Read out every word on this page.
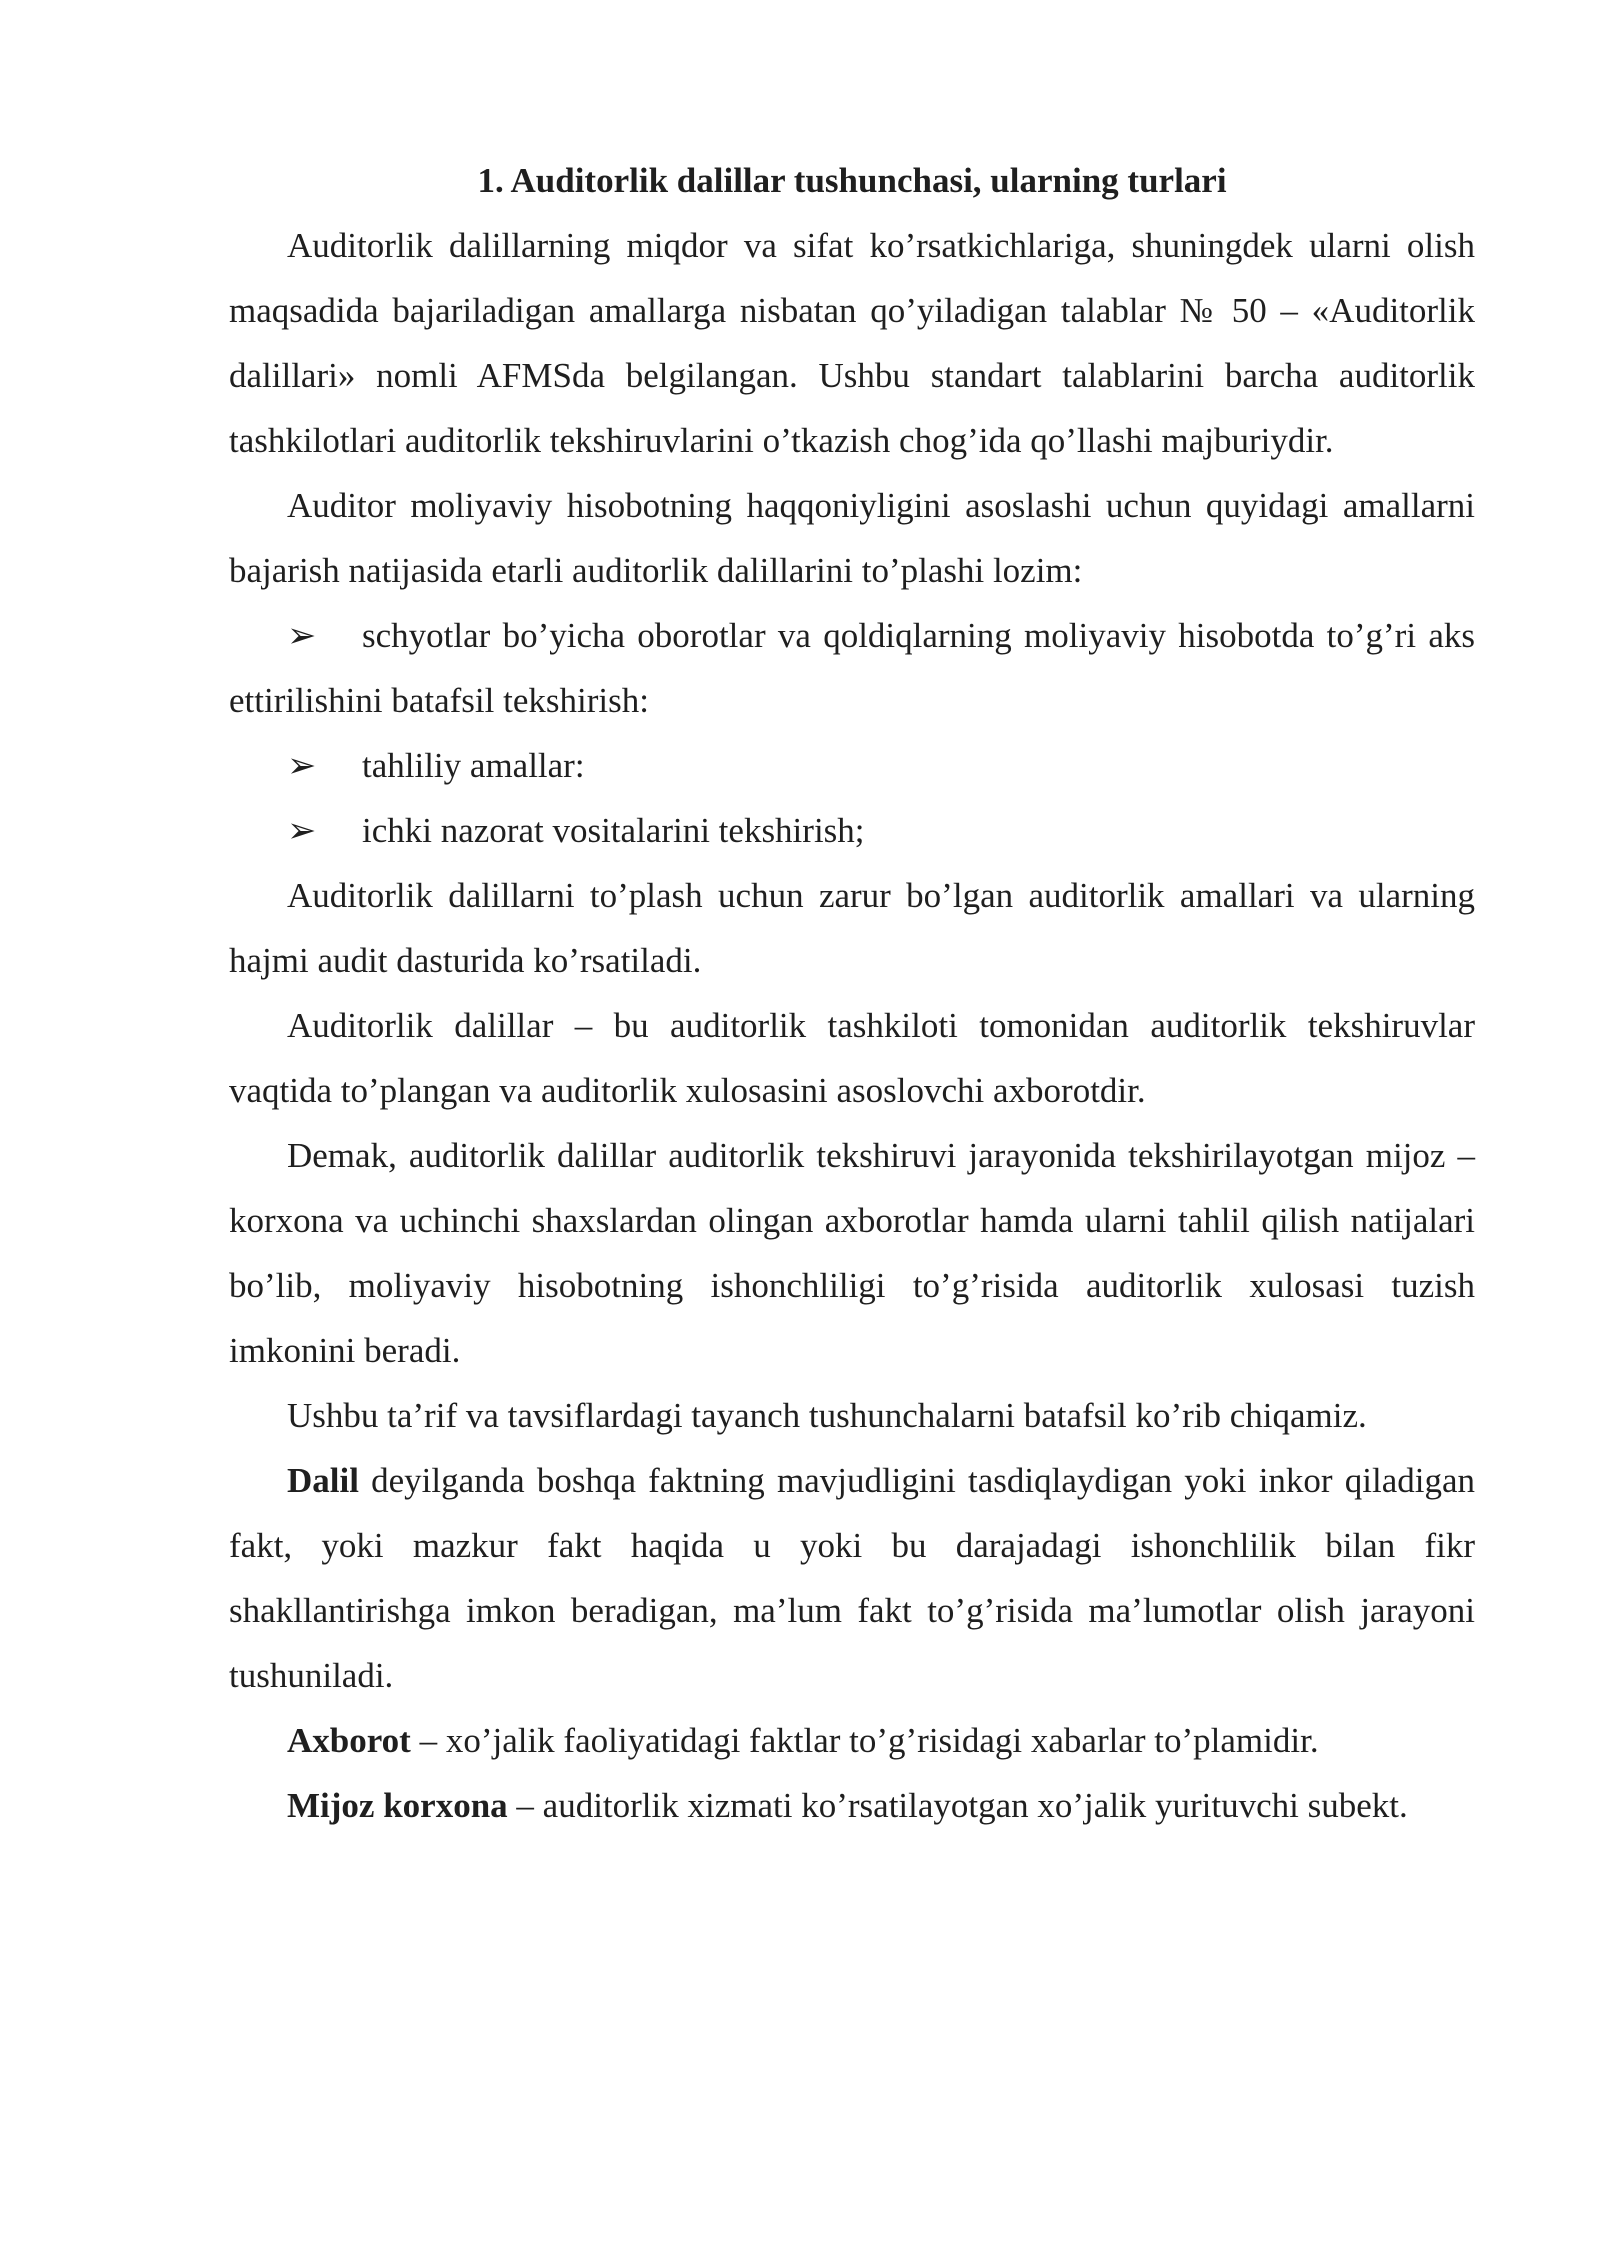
1. Auditorlik dalillar tushunchasi, ularning turlari

Auditorlik dalillarning miqdor va sifat ko’rsatkichlariga, shuningdek ularni olish maqsadida bajariladigan amallarga nisbatan qo’yiladigan talablar № 50 – «Auditorlik dalillari» nomli AFMSda belgilangan. Ushbu standart talablarini barcha auditorlik tashkilotlari auditorlik tekshiruvlarini o’tkazish chog’ida qo’llashi majburiydir.

Auditor moliyaviy hisobotning haqqoniyligini asoslashi uchun quyidagi amallarni bajarish natijasida etarli auditorlik dalillarini to’plashi lozim:

➢ schyotlar bo’yicha oborotlar va qoldiqlarning moliyaviy hisobotda to’g’ri aks ettirilishini batafsil tekshirish:

➢ tahliliy amallar:

➢ ichki nazorat vositalarini tekshirish;

Auditorlik dalillarni to’plash uchun zarur bo’lgan auditorlik amallari va ularning hajmi audit dasturida ko’rsatiladi.

Auditorlik dalillar – bu auditorlik tashkiloti tomonidan auditorlik tekshiruvlar vaqtida to’plangan va auditorlik xulosasini asoslovchi axborotdir.

Demak, auditorlik dalillar auditorlik tekshiruvi jarayonida tekshirilayotgan mijoz – korxona va uchinchi shaxslardan olingan axborotlar hamda ularni tahlil qilish natijalari bo’lib, moliyaviy hisobotning ishonchliligi to’g’risida auditorlik xulosasi tuzish imkonini beradi.

Ushbu ta’rif va tavsiflardagi tayanch tushunchalarni batafsil ko’rib chiqamiz.

Dalil deyilganda boshqa faktning mavjudligini tasdiqlaydigan yoki inkor qiladigan fakt, yoki mazkur fakt haqida u yoki bu darajadagi ishonchlilik bilan fikr shakllantirishga imkon beradigan, ma’lum fakt to’g’risida ma’lumotlar olish jarayoni tushuniladi.

Axborot – xo’jalik faoliyatidagi faktlar to’g’risidagi xabarlar to’plamidir.

Mijoz korxona – auditorlik xizmati ko’rsatilayotgan xo’jalik yurituvchi subekt.
